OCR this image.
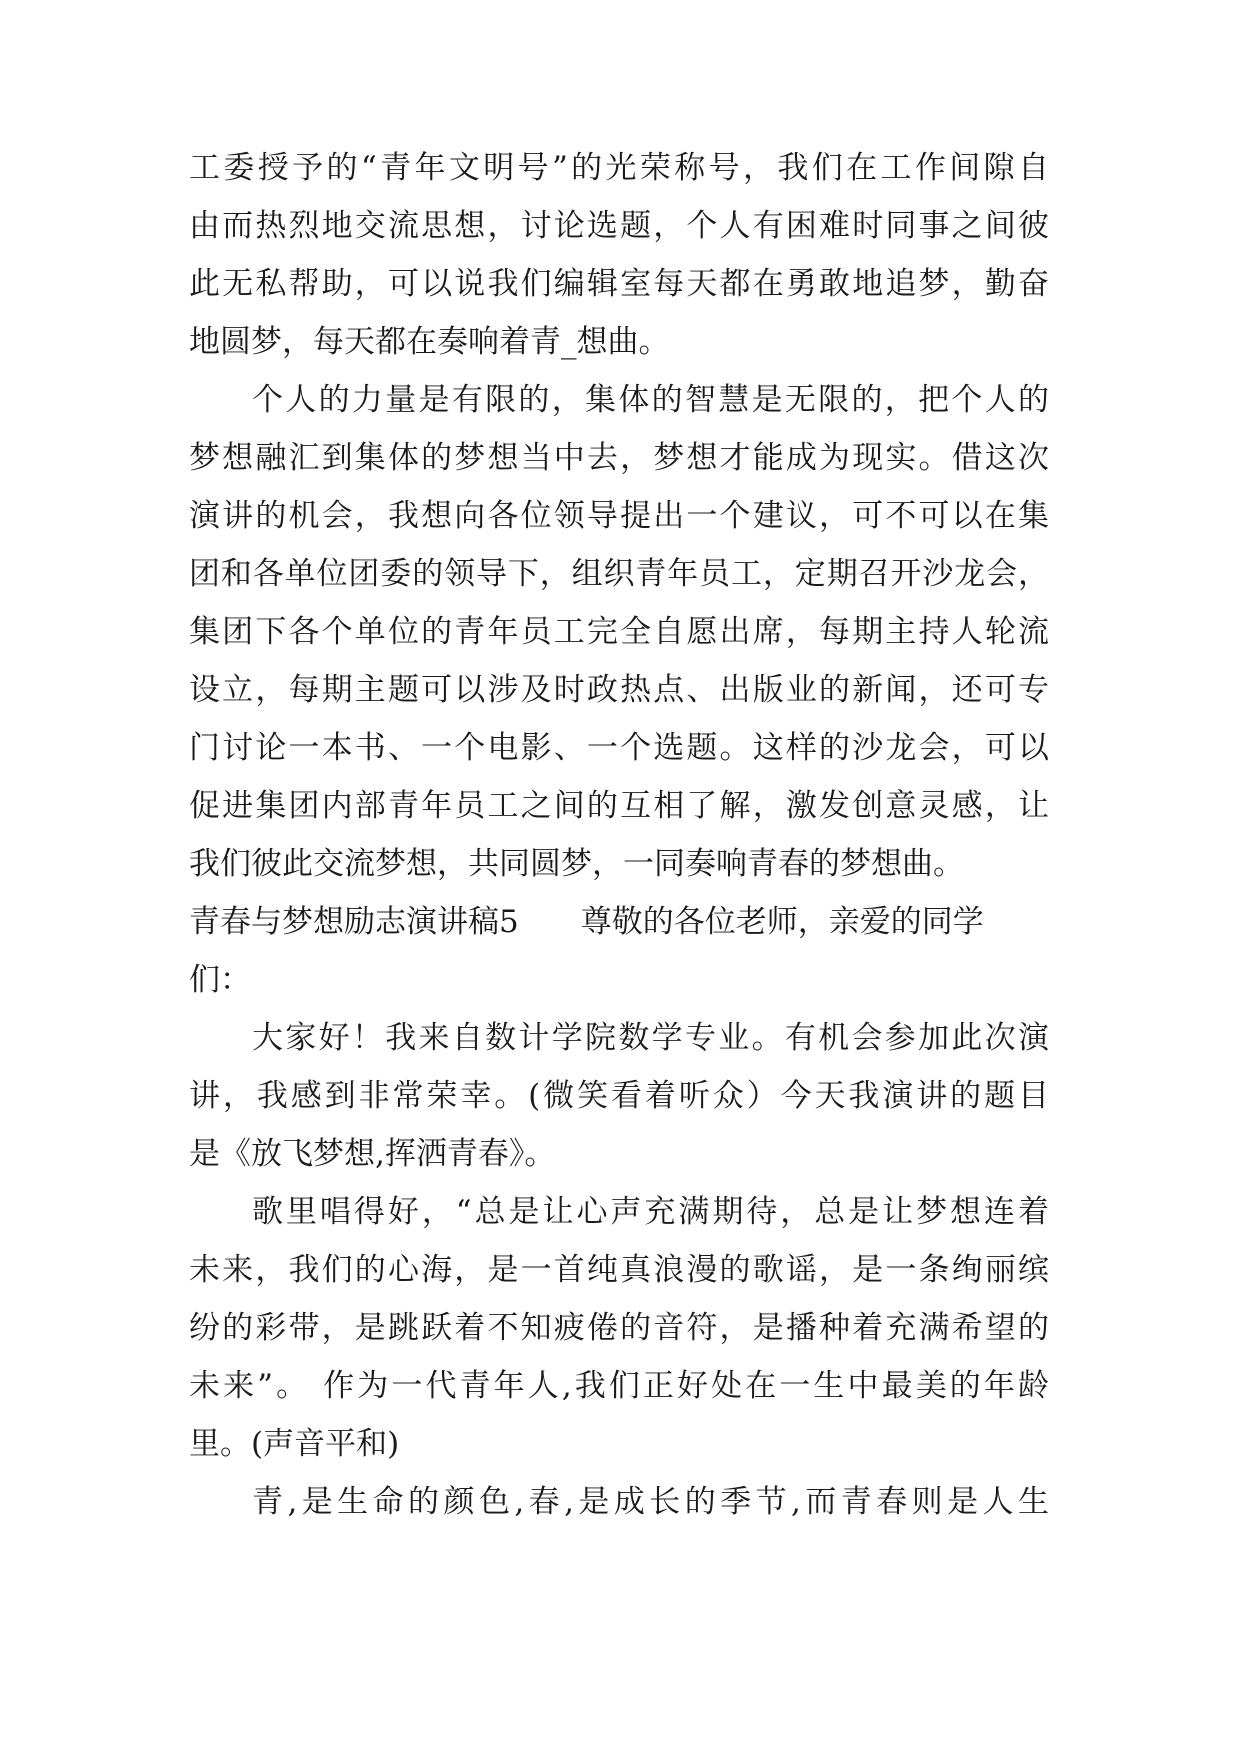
工委授予的“青年文明号”的光荣称号，我们在工作间隙自
由而热烈地交流思想，讨论选题，个人有困难时同事之间彼
此无私帮助，可以说我们编辑室每天都在勇敢地追梦，勤奋
地圆梦，每天都在奏响着青_想曲。
个人的力量是有限的，集体的智慧是无限的，把个人的
梦想融汇到集体的梦想当中去，梦想才能成为现实。借这次
演讲的机会，我想向各位领导提出一个建议，可不可以在集
团和各单位团委的领导下，组织青年员工，定期召开沙龙会，
集团下各个单位的青年员工完全自愿出席，每期主持人轮流
设立，每期主题可以涉及时政热点、出版业的新闻，还可专
门讨论一本书、一个电影、一个选题。这样的沙龙会，可以
促进集团内部青年员工之间的互相了解，激发创意灵感，让
我们彼此交流梦想，共同圆梦，一同奏响青春的梦想曲。
青春与梦想励志演讲稿5 尊敬的各位老师，亲爱的同学
们：
大家好！我来自数计学院数学专业。有机会参加此次演
讲，我感到非常荣幸。(微笑看着听众）今天我演讲的题目
是《放飞梦想,挥洒青春》。
歌里唱得好，“总是让心声充满期待，总是让梦想连着
未来，我们的心海，是一首纯真浪漫的歌谣，是一条绚丽缤
纷的彩带，是跳跃着不知疲倦的音符，是播种着充满希望的
未来”。 作为一代青年人,我们正好处在一生中最美的年龄
里。(声音平和)
青,是生命的颜色,春,是成长的季节,而青春则是人生
